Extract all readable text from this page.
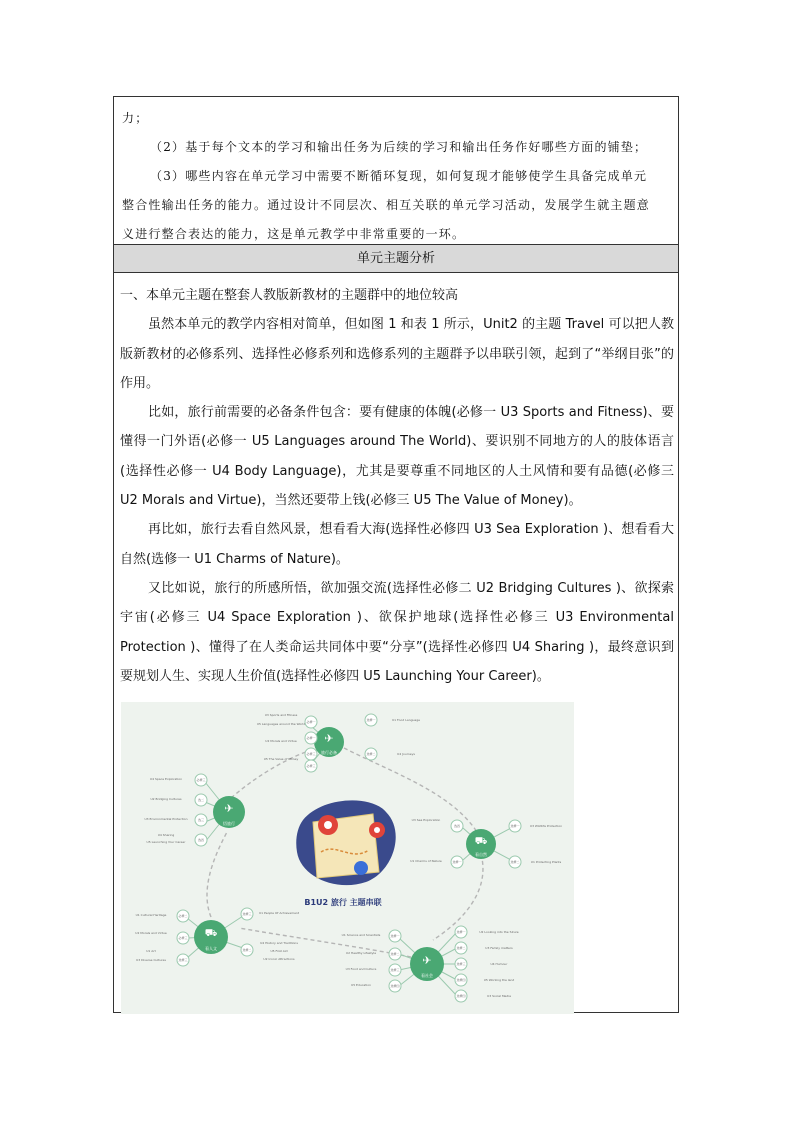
力；
（2）基于每个文本的学习和输出任务为后续的学习和输出任务作好哪些方面的铺垫；
（3）哪些内容在单元学习中需要不断循环复现，如何复现才能够使学生具备完成单元
整合性输出任务的能力。通过设计不同层次、相互关联的单元学习活动，发展学生就主题意
义进行整合表达的能力，这是单元教学中非常重要的一环。
单元主题分析

一、本单元主题在整套人教版新教材的主题群中的地位较高

虽然本单元的教学内容相对简单，但如图 1 和表 1 所示，Unit2 的主题 Travel 可以把人教版新教材的必修系列、选择性必修系列和选修系列的主题群予以串联引领，起到了“举纲目张”的作用。

比如，旅行前需要的必备条件包含：要有健康的体魄(必修一 U3 Sports and Fitness)、要懂得一门外语(必修一 U5 Languages around The World)、要识别不同地方的人的肢体语言(选择性必修一 U4 Body Language)，尤其是要尊重不同地区的人土风情和要有品德(必修三 U2 Morals and Virtue)，当然还要带上钱(必修三 U5 The Value of Money)。

再比如，旅行去看自然风景，想看看大海(选择性必修四 U3 Sea Exploration )、想看看大自然(选修一 U1 Charms of Nature)。

又比如说，旅行的所感所悟，欲加强交流(选择性必修二 U2 Bridging Cultures )、欲探索宇宙(必修三 U4 Space Exploration )、欲保护地球(选择性必修三 U3 Environmental Protection )、懂得了在人类命运共同体中要“分享”(选择性必修四 U4 Sharing )，最终意识到要规划人生、实现人生价值(选择性必修四 U5 Launching Your Career)。

B1U2 旅行 主题串联
旅行必备
✈
必修一
必修一
必修三
必修三
选修一
选修二
U3 Sports and Fitness
U5 Languages around the World
U2 Morals and Virtue
U5 The Value of Money
U1 Food Language
U4 Journeys
⛟
看自然
选四
选修一
选修一
选修二
U3 Sea Exploration
U1 Charms of Nature
U3 Wildlife Protection
U1 Protecting Plants
✈
悟旅行
必修三
选二
选三
选四
U4 Space Exploration
U2 Bridging Cultures
U3 Environmental Protection
U4 Sharing
U5 Launching Your Career
⛟
看人文
必修二
必修三
选修三
选修三
选修二
U1 Cultural Heritage
U2 Morals and Virtue
U1 Art
U3 Diverse Cultures
U1 People Of Achievement
U4 History and Traditions
U5 First Aid
U2 Iconic Attractions	✈
看社会
选修一
选修二
选修三
选修四
选修一
选修二
选修三
选修四
选修四
U1 Science and Scientists
U2 Healthy Lifestyle
U3 Food and Culture
U5 Education
U2 Looking into the future
U3 Family matters
U4 Humour
U5 Working the land
U3 Social Media
